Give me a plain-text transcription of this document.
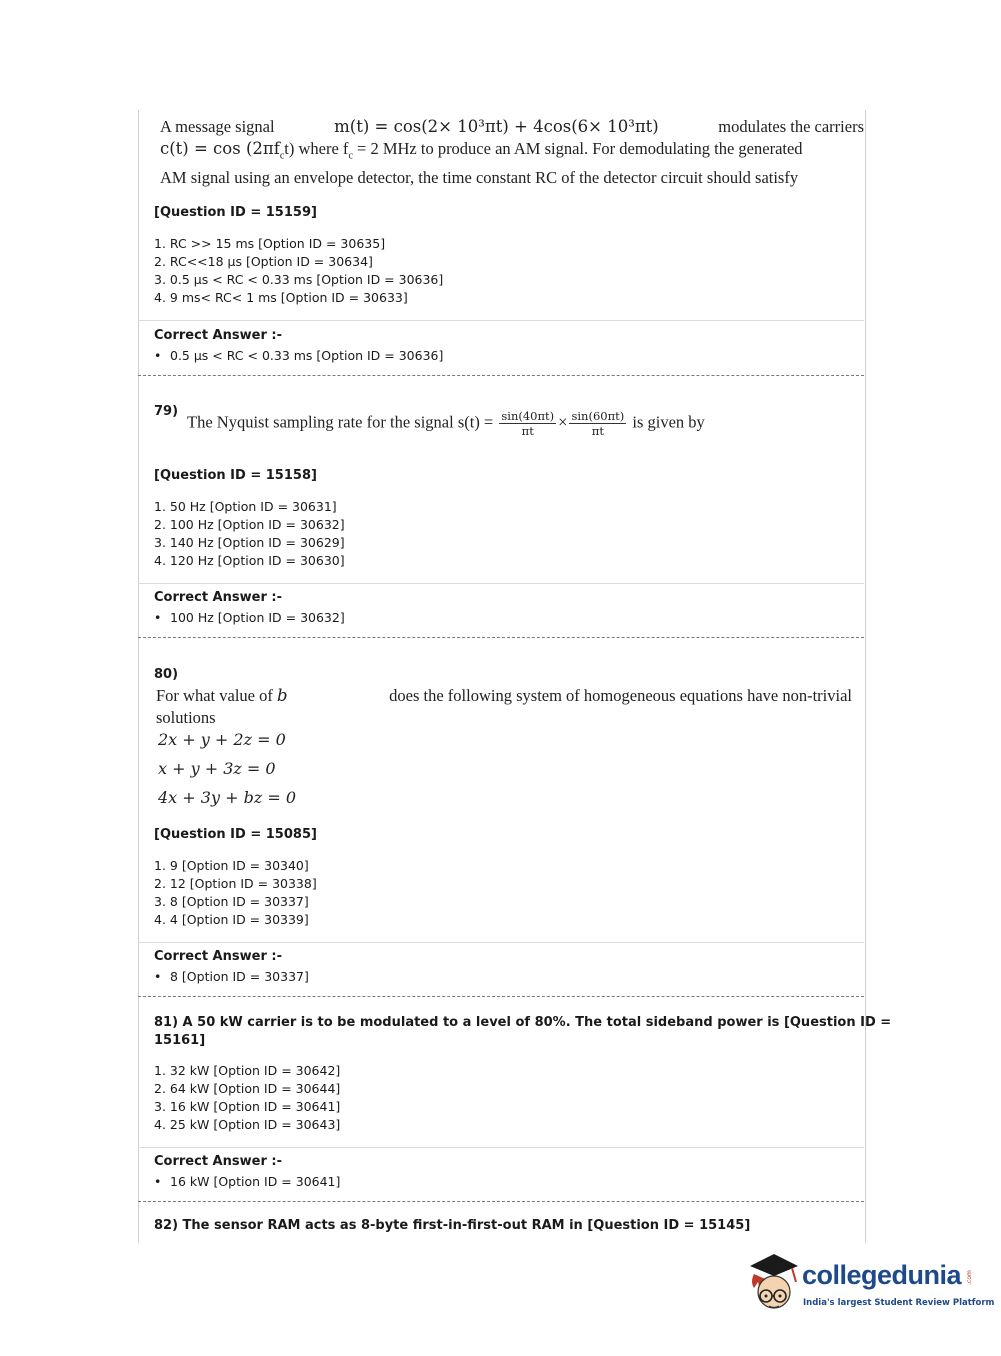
A message signal	m(t) = cos(2× 10³πt) + 4cos(6× 10³πt)	modulates the carriers
$c(t) = \cos (2\pi f_ct)$ where $f_c = 2$ MHz to produce an AM signal. For demodulating the generated
AM signal using an envelope detector, the time constant RC of the detector circuit should satisfy
[Question ID = 15159]
1. RC >> 15 ms [Option ID = 30635]
2. RC<<18 µs [Option ID = 30634]
3. 0.5 µs < RC < 0.33 ms [Option ID = 30636]
4. 9 ms< RC< 1 ms [Option ID = 30633]
Correct Answer :-
• 0.5 µs < RC < 0.33 ms [Option ID = 30636]
79)
The Nyquist sampling rate for the signal $s(t) = \frac{\sin(40\pi t)}{\pi t} \times \frac{\sin(60\pi t)}{\pi t}$ is given by
[Question ID = 15158]
1. 50 Hz [Option ID = 30631]
2. 100 Hz [Option ID = 30632]
3. 140 Hz [Option ID = 30629]
4. 120 Hz [Option ID = 30630]
Correct Answer :-
• 100 Hz [Option ID = 30632]
80)
For what value of b	does the following system of homogeneous equations have non-trivial
solutions
2x + y + 2z = 0
x + y + 3z = 0
4x + 3y + bz = 0
[Question ID = 15085]
1. 9 [Option ID = 30340]
2. 12 [Option ID = 30338]
3. 8 [Option ID = 30337]
4. 4 [Option ID = 30339]
Correct Answer :-
• 8 [Option ID = 30337]
81) A 50 kW carrier is to be modulated to a level of 80%. The total sideband power is [Question ID =
15161]
1. 32 kW [Option ID = 30642]
2. 64 kW [Option ID = 30644]
3. 16 kW [Option ID = 30641]
4. 25 kW [Option ID = 30643]
Correct Answer :-
• 16 kW [Option ID = 30641]
82) The sensor RAM acts as 8-byte first-in-first-out RAM in [Question ID = 15145]
collegedunia .com
India's largest Student Review Platform
